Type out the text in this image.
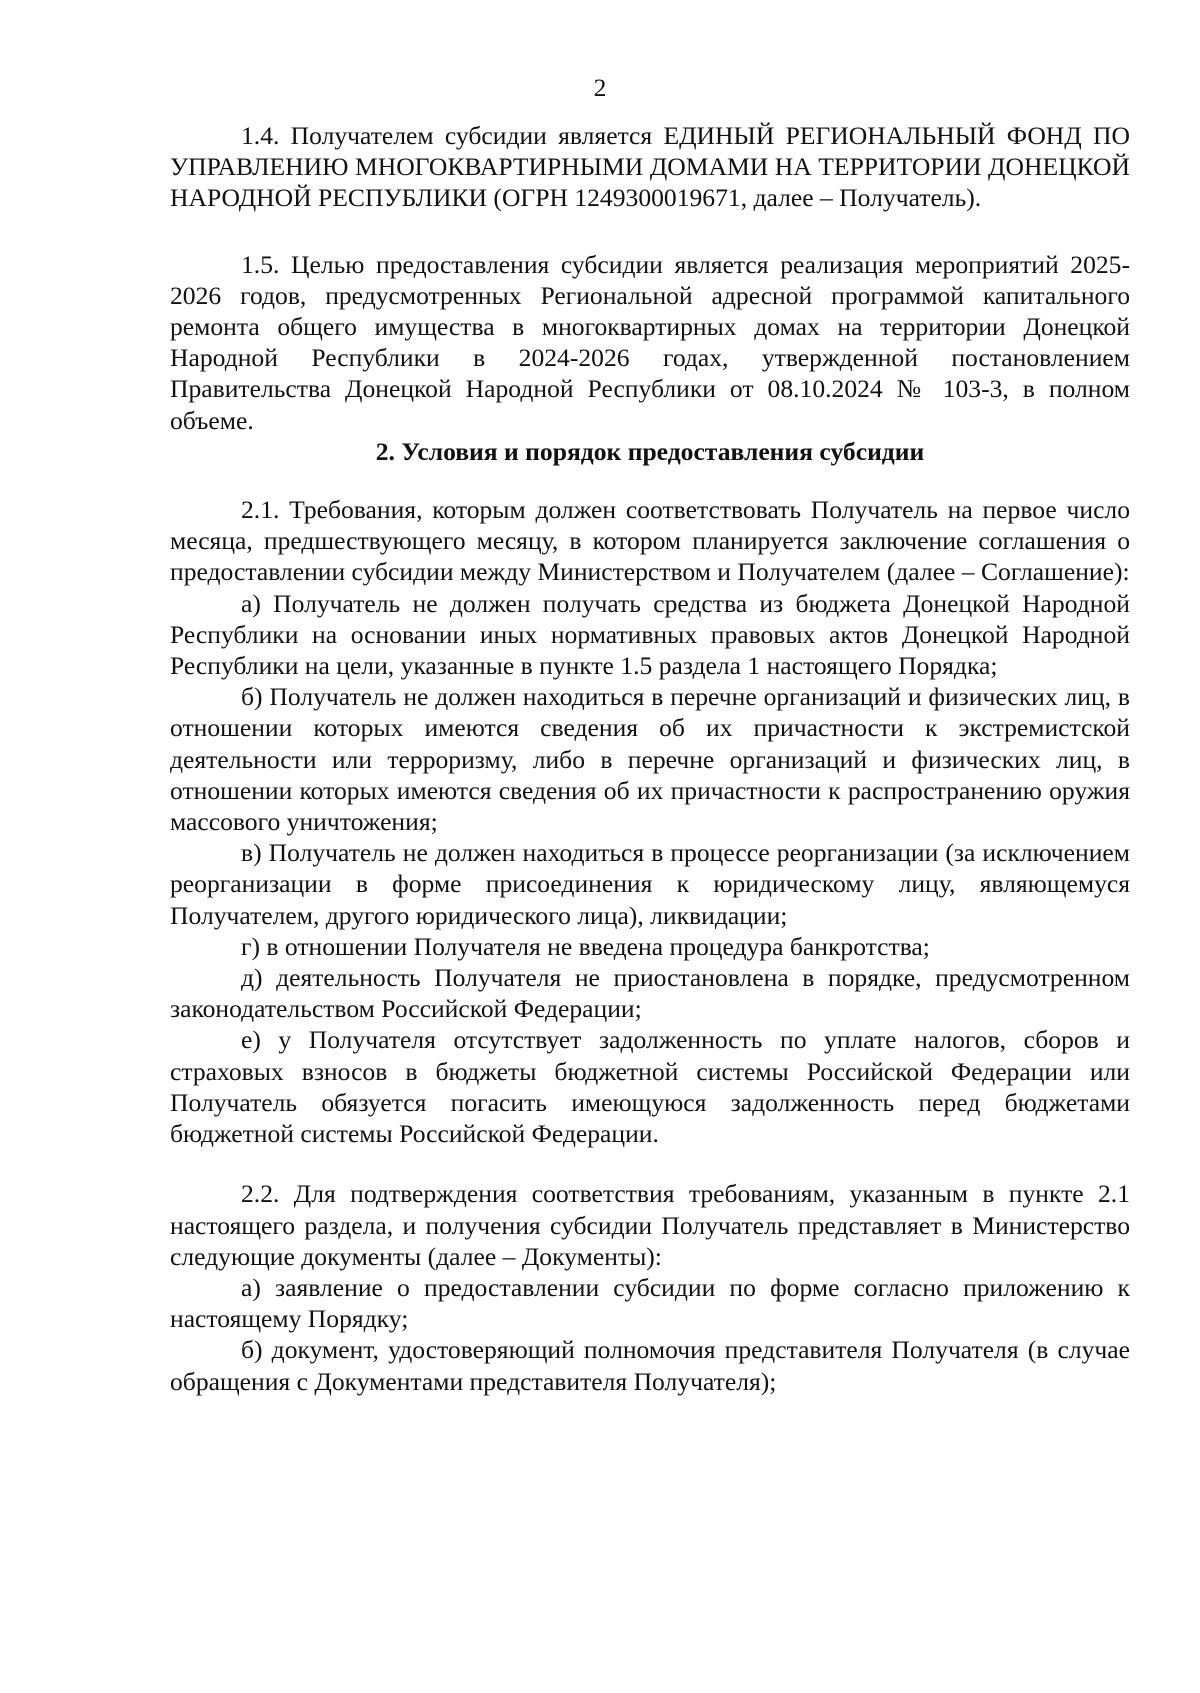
2

1.4. Получателем субсидии является ЕДИНЫЙ РЕГИОНАЛЬНЫЙ ФОНД ПО УПРАВЛЕНИЮ МНОГОКВАРТИРНЫМИ ДОМАМИ НА ТЕРРИТОРИИ ДОНЕЦКОЙ НАРОДНОЙ РЕСПУБЛИКИ (ОГРН 1249300019671, далее – Получатель).

1.5. Целью предоставления субсидии является реализация мероприятий 2025-2026 годов, предусмотренных Региональной адресной программой капитального ремонта общего имущества в многоквартирных домах на территории Донецкой Народной Республики в 2024-2026 годах, утвержденной постановлением Правительства Донецкой Народной Республики от 08.10.2024 № 103-3, в полном объеме.

2. Условия и порядок предоставления субсидии

2.1. Требования, которым должен соответствовать Получатель на первое число месяца, предшествующего месяцу, в котором планируется заключение соглашения о предоставлении субсидии между Министерством и Получателем (далее – Соглашение):

а) Получатель не должен получать средства из бюджета Донецкой Народной Республики на основании иных нормативных правовых актов Донецкой Народной Республики на цели, указанные в пункте 1.5 раздела 1 настоящего Порядка;

б) Получатель не должен находиться в перечне организаций и физических лиц, в отношении которых имеются сведения об их причастности к экстремистской деятельности или терроризму, либо в перечне организаций и физических лиц, в отношении которых имеются сведения об их причастности к распространению оружия массового уничтожения;

в) Получатель не должен находиться в процессе реорганизации (за исключением реорганизации в форме присоединения к юридическому лицу, являющемуся Получателем, другого юридического лица), ликвидации;

г) в отношении Получателя не введена процедура банкротства;

д) деятельность Получателя не приостановлена в порядке, предусмотренном законодательством Российской Федерации;

е) у Получателя отсутствует задолженность по уплате налогов, сборов и страховых взносов в бюджеты бюджетной системы Российской Федерации или Получатель обязуется погасить имеющуюся задолженность перед бюджетами бюджетной системы Российской Федерации.

2.2. Для подтверждения соответствия требованиям, указанным в пункте 2.1 настоящего раздела, и получения субсидии Получатель представляет в Министерство следующие документы (далее – Документы):

а) заявление о предоставлении субсидии по форме согласно приложению к настоящему Порядку;

б) документ, удостоверяющий полномочия представителя Получателя (в случае обращения с Документами представителя Получателя);
